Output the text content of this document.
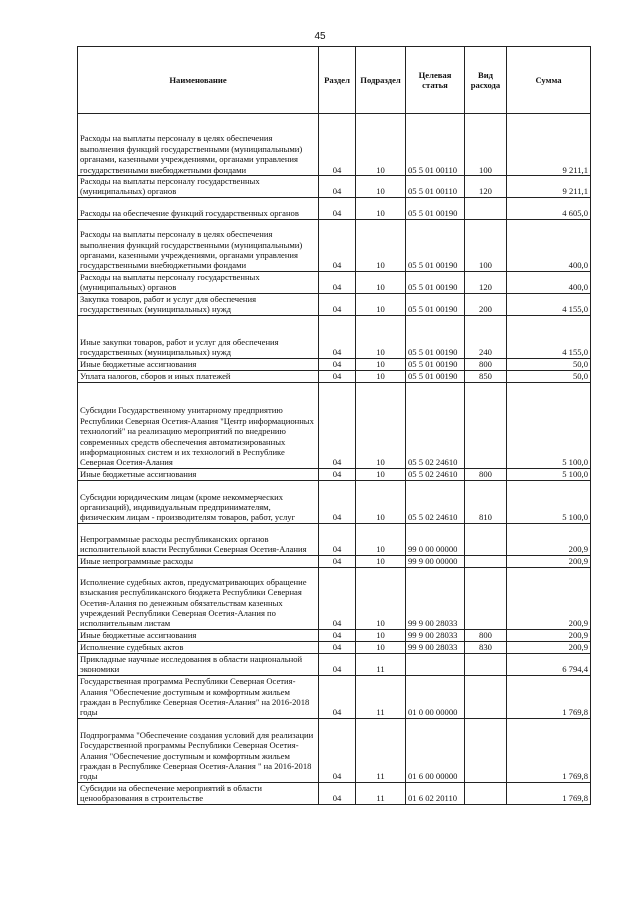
45
Наименование	Раздел	Подраздел	Целевая статья	Вид расхода	Сумма
Расходы на выплаты персоналу в целях обеспечения выполнения функций государственными (муниципальными) органами, казенными учреждениями, органами управления государственными внебюджетными фондами	04	10	05 5 01 00110	100	9 211,1
Расходы на выплаты персоналу государственных (муниципальных) органов	04	10	05 5 01 00110	120	9 211,1
Расходы на обеспечение функций государственных органов	04	10	05 5 01 00190		4 605,0
Расходы на выплаты персоналу в целях обеспечения выполнения функций государственными (муниципальными) органами, казенными учреждениями, органами управления государственными внебюджетными фондами	04	10	05 5 01 00190	100	400,0
Расходы на выплаты персоналу государственных (муниципальных) органов	04	10	05 5 01 00190	120	400,0
Закупка товаров, работ и услуг для обеспечения государственных (муниципальных) нужд	04	10	05 5 01 00190	200	4 155,0
Иные закупки товаров, работ и услуг для обеспечения государственных (муниципальных) нужд	04	10	05 5 01 00190	240	4 155,0
Иные бюджетные ассигнования	04	10	05 5 01 00190	800	50,0
Уплата налогов, сборов и иных платежей	04	10	05 5 01 00190	850	50,0
Субсидии Государственному унитарному предприятию Республики Северная Осетия-Алания "Центр информационных технологий" на реализацию мероприятий по внедрению современных средств обеспечения автоматизированных информационных систем и их технологий в Республике Северная Осетия-Алания	04	10	05 5 02 24610		5 100,0
Иные бюджетные ассигнования	04	10	05 5 02 24610	800	5 100,0
Субсидии юридическим лицам (кроме некоммерческих организаций), индивидуальным предпринимателям, физическим лицам - производителям товаров, работ, услуг	04	10	05 5 02 24610	810	5 100,0
Непрограммные расходы республиканских органов исполнительной власти Республики Северная Осетия-Алания	04	10	99 0 00 00000		200,9
Иные непрограммные расходы	04	10	99 9 00 00000		200,9
Исполнение судебных актов, предусматривающих обращение взыскания республиканского бюджета Республики Северная Осетия-Алания по денежным обязательствам казенных учреждений Республики Северная Осетия-Алания по исполнительным листам	04	10	99 9 00 28033		200,9
Иные бюджетные ассигнования	04	10	99 9 00 28033	800	200,9
Исполнение судебных актов	04	10	99 9 00 28033	830	200,9
Прикладные научные исследования в области национальной экономики	04	11			6 794,4
Государственная программа Республики Северная Осетия-Алания "Обеспечение доступным и комфортным жильем граждан в Республике Северная Осетия-Алания" на 2016-2018 годы	04	11	01 0 00 00000		1 769,8
Подпрограмма "Обеспечение создания условий для реализации Государственной программы Республики Северная Осетия-Алания "Обеспечение доступным и комфортным жильем граждан в Республике Северная Осетия-Алания " на 2016-2018 годы	04	11	01 6 00 00000		1 769,8
Субсидии на обеспечение мероприятий в области ценообразования в строительстве	04	11	01 6 02 20110		1 769,8
